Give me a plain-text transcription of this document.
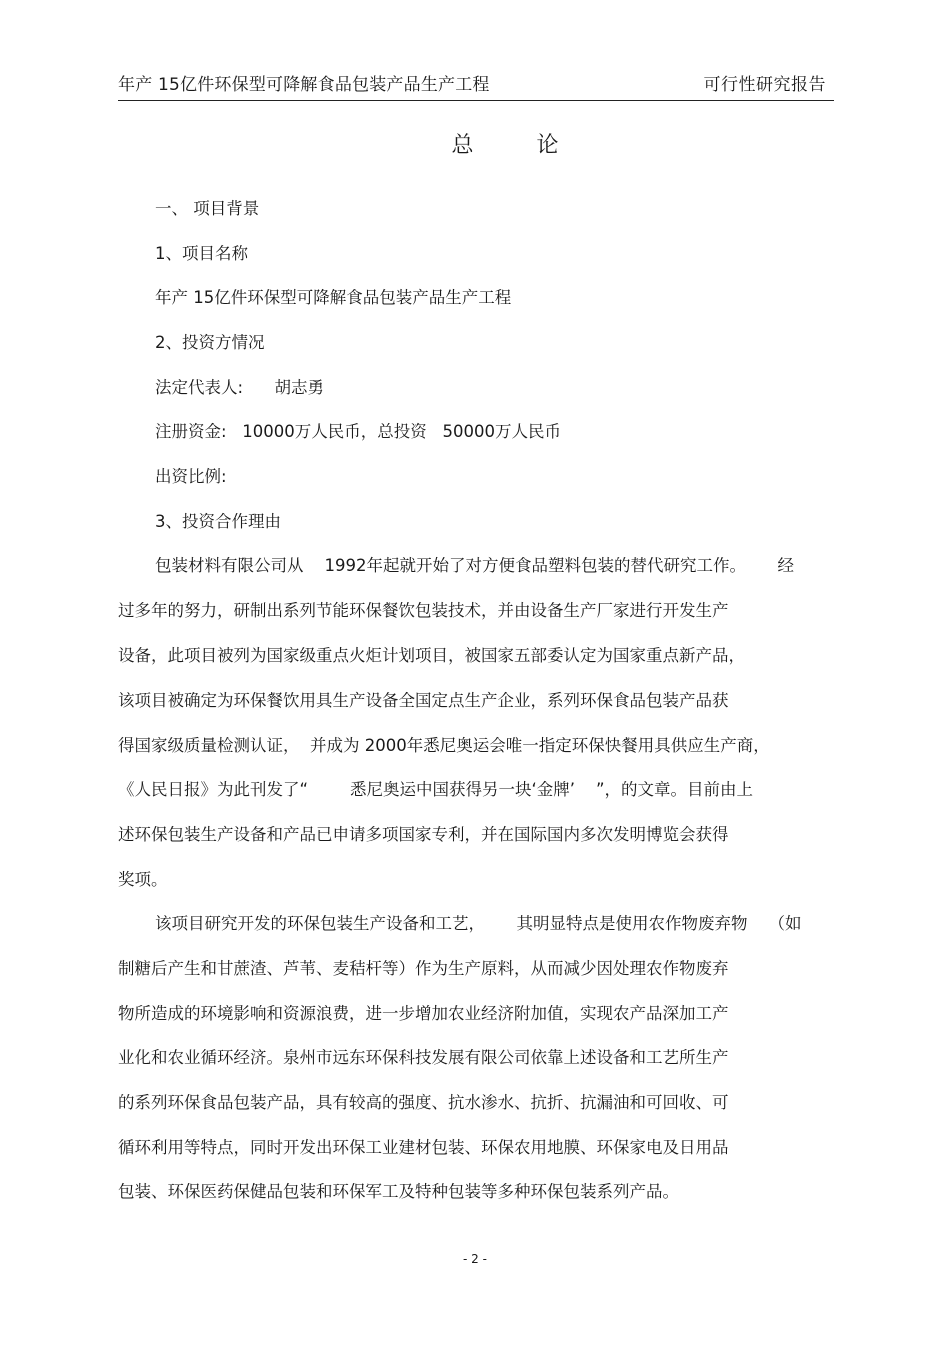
年产 15亿件环保型可降解食品包装产品生产工程	可行性研究报告
总 论
一、 项目背景
1、项目名称
年产 15亿件环保型可降解食品包装产品生产工程
2、投资方情况
法定代表人:      胡志勇
注册资金:   10000万人民币，总投资   50000万人民币
出资比例:
3、投资合作理由
包装材料有限公司从    1992年起就开始了对方便食品塑料包装的替代研究工作。      经
过多年的努力，研制出系列节能环保餐饮包装技术，并由设备生产厂家进行开发生产
设备，此项目被列为国家级重点火炬计划项目，被国家五部委认定为国家重点新产品，
该项目被确定为环保餐饮用具生产设备全国定点生产企业，系列环保食品包装产品获
得国家级质量检测认证，  并成为 2000年悉尼奥运会唯一指定环保快餐用具供应生产商，
《人民日报》为此刊发了“        悉尼奥运中国获得另一块‘金牌’    ”，的文章。目前由上
述环保包装生产设备和产品已申请多项国家专利，并在国际国内多次发明博览会获得
奖项。
该项目研究开发的环保包装生产设备和工艺，      其明显特点是使用农作物废弃物    （如
制糖后产生和甘蔗渣、芦苇、麦秸杆等）作为生产原料，从而减少因处理农作物废弃
物所造成的环境影响和资源浪费，进一步增加农业经济附加值，实现农产品深加工产
业化和农业循环经济。泉州市远东环保科技发展有限公司依靠上述设备和工艺所生产
的系列环保食品包装产品，具有较高的强度、抗水渗水、抗折、抗漏油和可回收、可
循环利用等特点，同时开发出环保工业建材包装、环保农用地膜、环保家电及日用品
包装、环保医药保健品包装和环保军工及特种包装等多种环保包装系列产品。
- 2 -
